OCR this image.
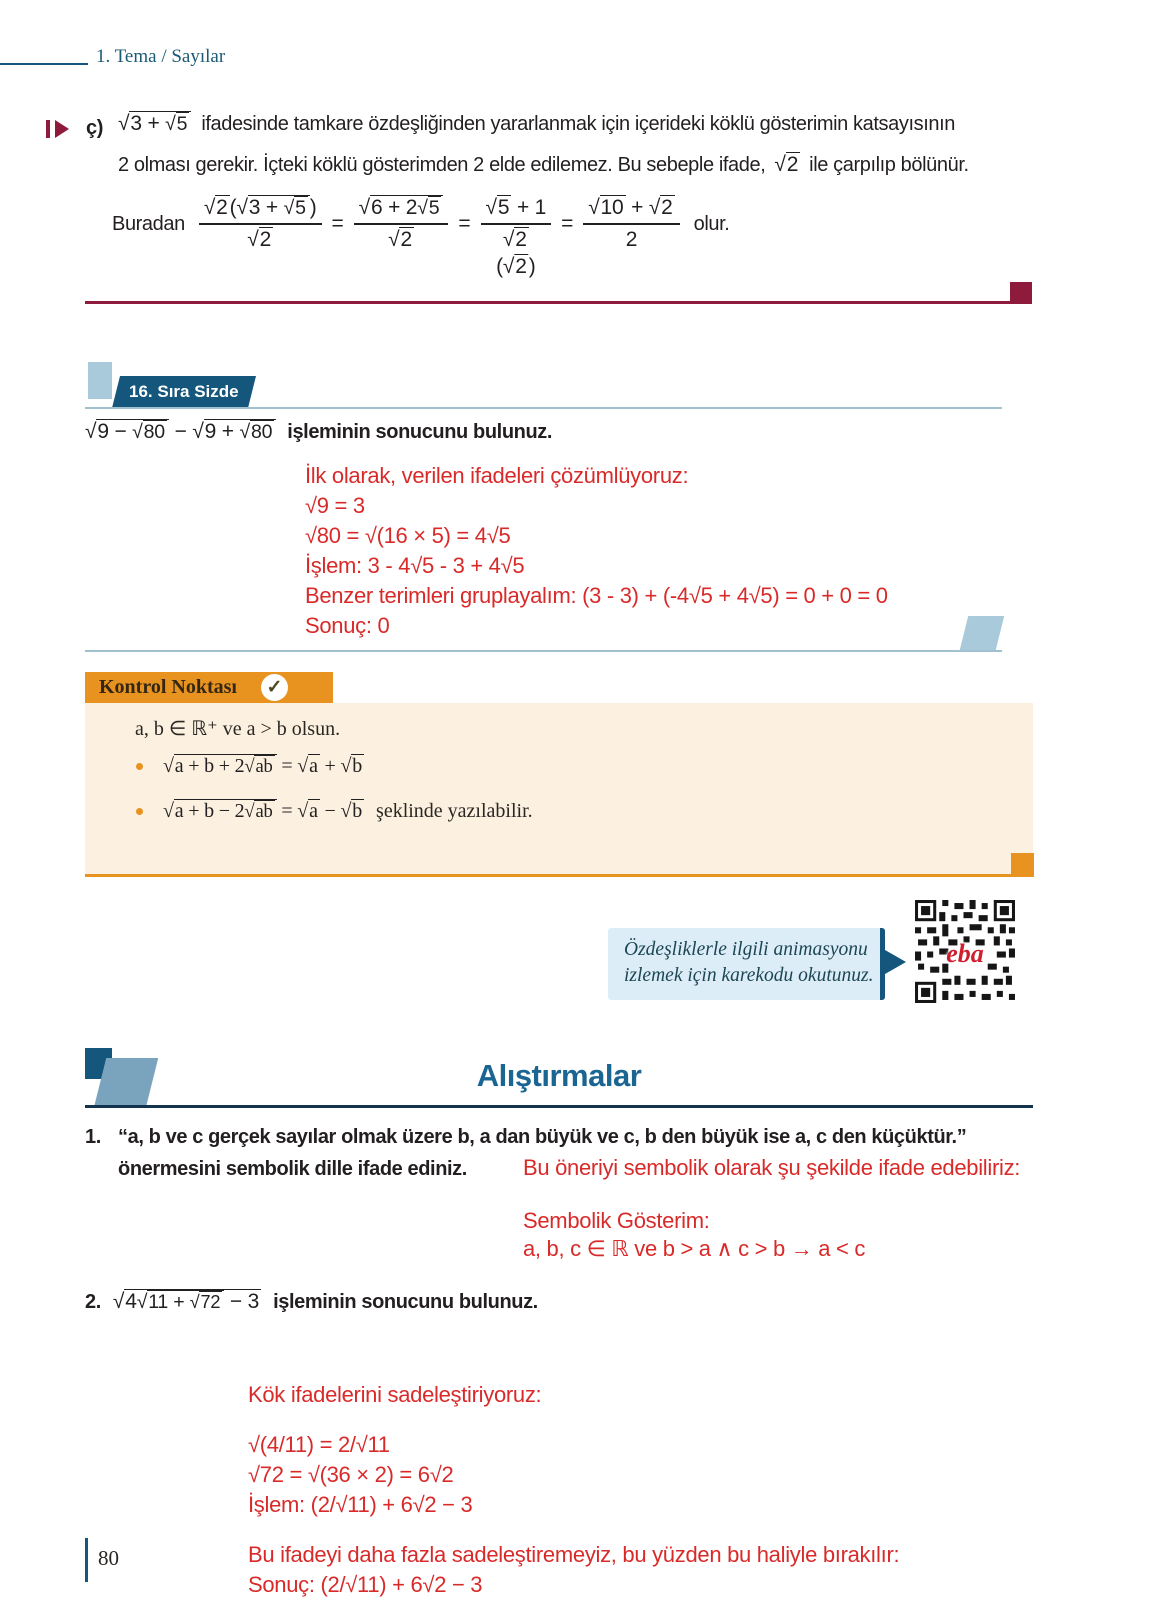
1. Tema / Sayılar
ç) √3 + √5 ifadesinde tamkare özdeşliğinden yararlanmak için içerideki köklü gösterimin katsayısının
2 olması gerekir. İçteki köklü gösterimden 2 elde edilemez. Bu sebeple ifade, √2 ile çarpılıp bölünür.
Buradan $\frac{√2(√3 + √5 )}{√2} = \frac{√6 + 2√5}{√2}$ =
√5 + 1
√2
(√2)
= $\frac{√10 + √2}{2}$ olur.
16. Sıra Sizde
√9 − √80 − √9 + √80 işleminin sonucunu bulunuz.
İlk olarak, verilen ifadeleri çözümlüyoruz:
√9 = 3
√80 = √(16 × 5) = 4√5
İşlem: 3 - 4√5 - 3 + 4√5
Benzer terimleri gruplayalım: (3 - 3) + (-4√5 + 4√5) = 0 + 0 = 0
Sonuç: 0
Kontrol Noktası ✓
a, b ∈ ℝ⁺ ve a > b olsun.
√a + b + 2√ab = √a + √b
√a + b − 2√ab = √a − √b şeklinde yazılabilir.
Özdeşliklerle ilgili animasyonu
izlemek için karekodu okutunuz.
eba
Alıştırmalar
1. “a, b ve c gerçek sayılar olmak üzere b, a dan büyük ve c, b den büyük ise a, c den küçüktür.”
önermesini sembolik dille ifade ediniz.	Bu öneriyi sembolik olarak şu şekilde ifade edebiliriz:
Sembolik Gösterim:
a, b, c ∈ ℝ ve b > a ∧ c > b → a < c
2. √4√11 + √72 − 3 işleminin sonucunu bulunuz.
Kök ifadelerini sadeleştiriyoruz:
√(4/11) = 2/√11
√72 = √(36 × 2) = 6√2
İşlem: (2/√11) + 6√2 − 3
Bu ifadeyi daha fazla sadeleştiremeyiz, bu yüzden bu haliyle bırakılır:
Sonuç: (2/√11) + 6√2 − 3
80
